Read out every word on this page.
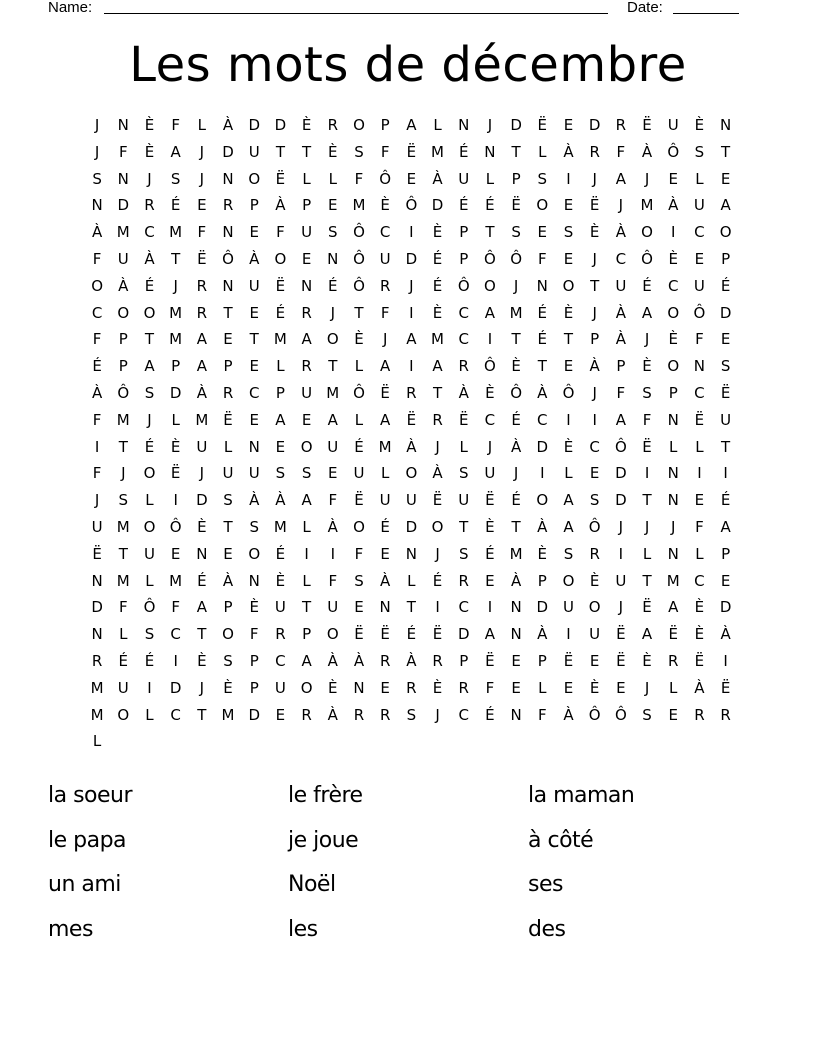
Name:	Date:
Les mots de décembre
J	N	È	F	L	À	D D	È	R	O	P	A	L	N	J	D	Ë	E	D	R	Ë	U	È	N
J	F	È	A	J	D U	T	T	È	S	F	Ë M É	N	T	L	À	R	F	À	Ô	S	T
S	N	J	S	J	N O	Ë	L	L	F	Ô	E	À	U	L	P	S	I	J	A	J	E	L	E
N D	R	É	E	R	P	À	P	E M È	Ô D	É	É	Ë	O	E	Ë	J	M À	U	A
À M C M	F	N	E	F	U	S	Ô	C	I	È	P	T	S	E	S	È	À	O	I	C	O
F	U	À	T	Ë	Ô	À	O	E	N Ô U D	É	P	Ô Ô	F	E	J	C	Ô	È	E	P
O	À	É	J	R	N	U	Ë	N	É	Ô	R	J	É	Ô O	J	N O	T	U	É	C	U	É
C	O O M R	T	E	É	R	J	T	F	I	È	C	A M É	È	J	À	A	O Ô D
F	P	T	M A	E	T	M A	O	È	J	A M C	I	T	É	T	P	À	J	È	F	E
É	P	A	P	A	P	E	L	R	T	L	A	I	A	R	Ô	È	T	E	À	P	È	O N	S
À	Ô	S	D	À	R	C	P	U M Ô	Ë	R	T	À	È	Ô	À	Ô	J	F	S	P	C	Ë
F	M	J	L	M Ë	E	A	E	A	L	A	Ë	R	Ë	C	É	C	I	I	A	F	N	Ë	U
I	T	É	È	U	L	N	E	O U	É M À	J	L	J	À	D	È	C	Ô	Ë	L	L	T
F	J	O	Ë	J	U	U	S	S	E	U	L	O	À	S	U	J	I	L	E	D	I	N	I	I
J	S	L	I	D	S	À	À	A	F	Ë	U	U	Ë	U	Ë	É	O	A	S	D	T	N	E	É
U M O Ô	È	T	S M	L	À	O	É	D O	T	È	T	À	A	Ô	J	J	J	F	A
Ë	T	U	E	N	E	O	É	I	I	F	E	N	J	S	É M È	S	R	I	L	N	L	P
N M	L	M É	À	N	È	L	F	S	À	L	É	R	E	À	P	O	È	U	T	M C	E
D	F	Ô	F	A	P	È	U	T	U	E	N	T	I	C	I	N D U O	J	Ë	A	È	D
N	L	S	C	T	O	F	R	P	O	Ë	Ë	É	Ë	D	A	N	À	I	U	Ë	A	Ë	È	À
R	É	É	I	È	S	P	C	A	À	À	R	À	R	P	Ë	E	P	Ë	E	Ë	È	R	Ë	I
M U	I	D	J	È	P	U O	È	N	E	R	È	R	F	E	L	E	È	E	J	L	À	Ë
M O	L	C	T	M D	E	R	À	R	R	S	J	C	É	N	F	À	Ô Ô	S	E	R	R
L
la soeur	le frère	la maman
le papa	je joue	à côté
un ami	Noël	ses
mes	les	des
